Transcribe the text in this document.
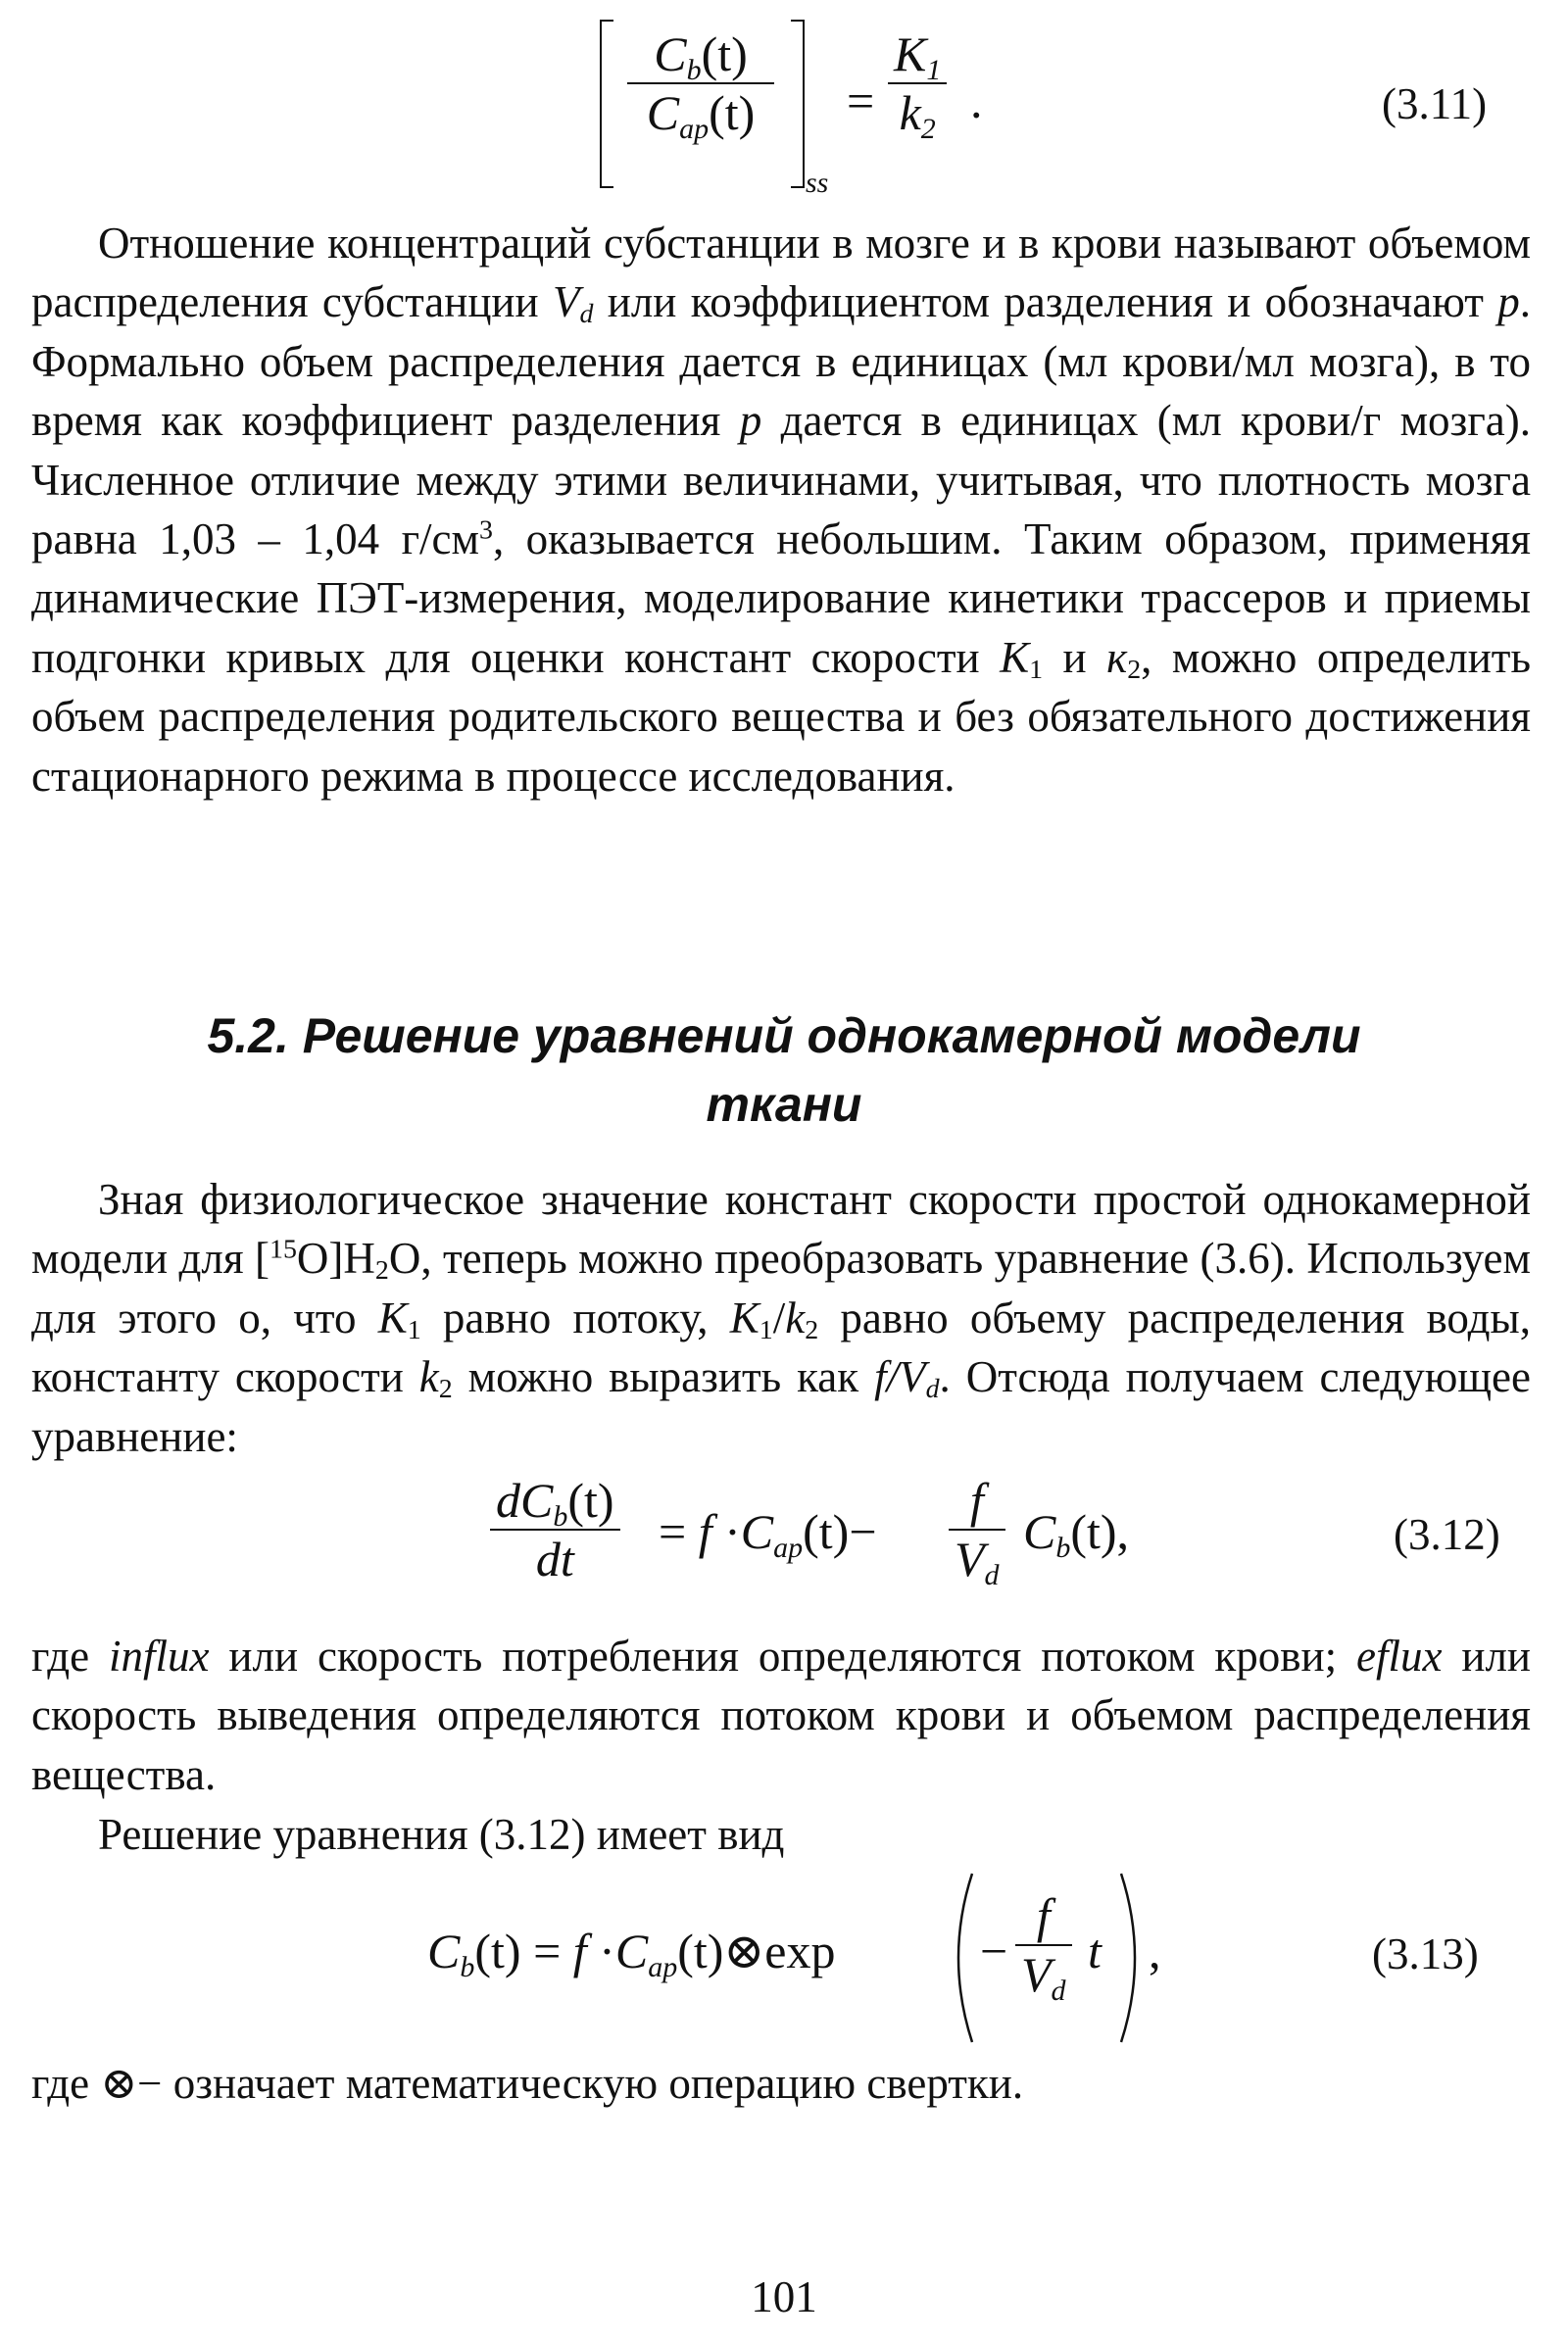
$\frac{C_b(t)}{C_{ap}(t)}$
ss
= $\frac{K_1}{k_2}$ .	(3.11)

Отношение концентраций субстанции в мозге и в крови называют объемом распределения субстанции $V_d$ или коэффициентом разделения и обозначают p. Формально объем распределения дается в единицах (мл крови/мл мозга), в то время как коэффициент разделения p дается в единицах (мл крови/г мозга). Численное отличие между этими величинами, учитывая, что плотность мозга равна 1,03 – 1,04 $г/см^3$, оказывается небольшим. Таким образом, применяя динамические ПЭТ-измерения, моделирование кинетики трассеров и приемы подгонки кривых для оценки констант скорости $K_1$ и $к_2$, можно определить объем распределения родительского вещества и без обязательного достижения стационарного режима в процессе исследования.

5.2. Решение уравнений однокамерной модели
ткани

Зная физиологическое значение констант скорости простой однокамерной модели для $[^{15}O]H_2O$, теперь можно преобразовать уравнение (3.6). Используем для этого о, что $K_1$ равно потоку, $K_1/k_2$ равно объему распределения воды, константу скорости $k_2$ можно выразить как $f/V_d$. Отсюда получаем следующее уравнение:

$\frac{dC_b(t)}{dt} = f \cdot C_{ap}(t)- \frac{f}{V_d} C_b(t)$,	(3.12)

где influx или скорость потребления определяются потоком крови; eflux или скорость выведения определяются потоком крови и объемом распределения вещества.

Решение уравнения (3.12) имеет вид

$C_b(t) = f$ $\cdot C_{ap}(t)\otimes\exp$	− $\frac{f}{V_d}$ t ,	(3.13)

где ⊗− означает математическую операцию свертки.

101
